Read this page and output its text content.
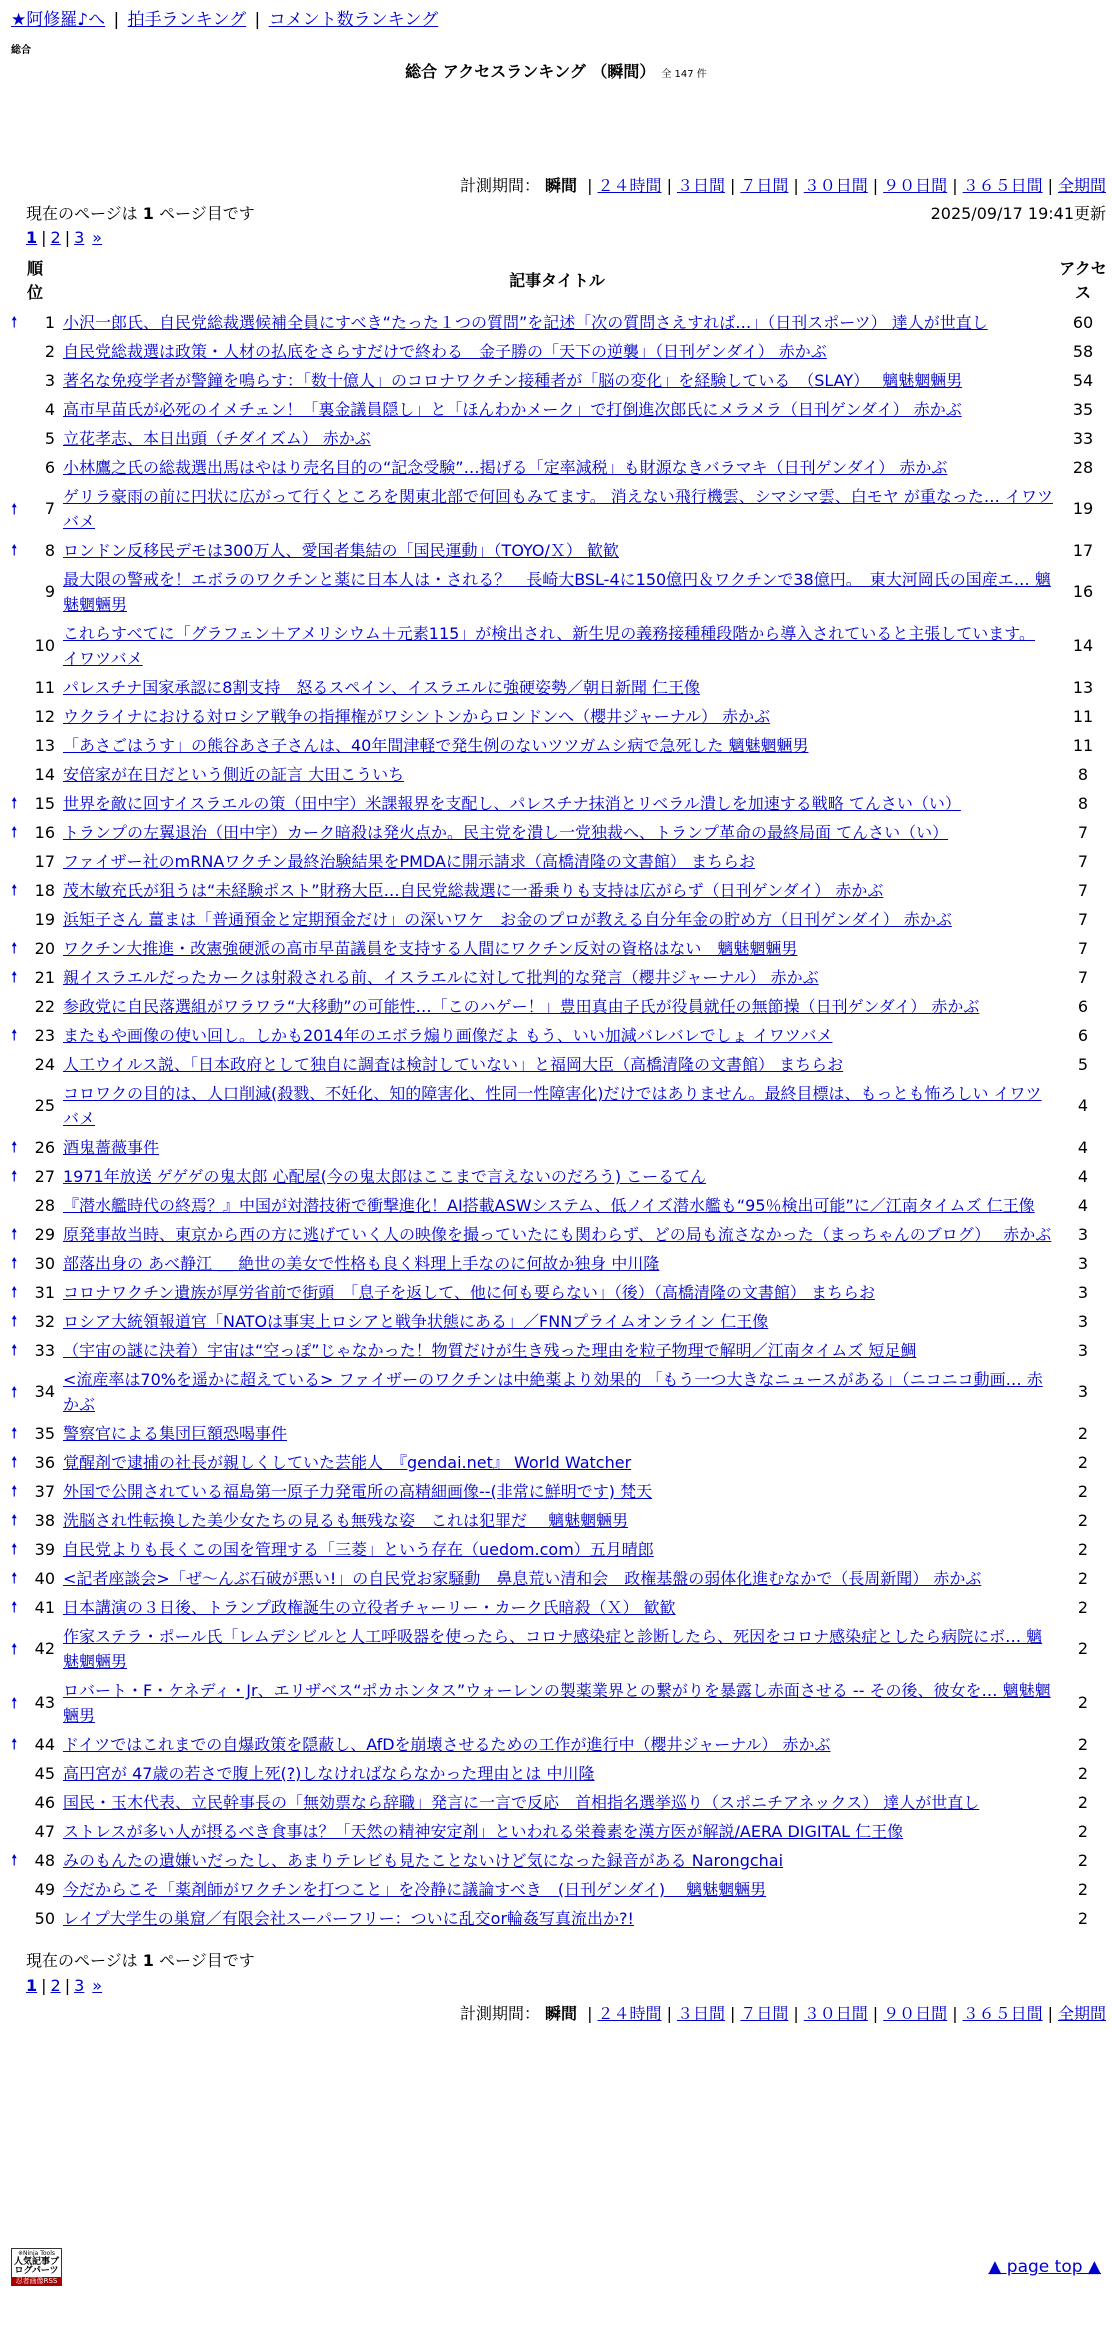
★阿修羅♪へ | 拍手ランキング | コメント数ランキング
総合
総合 アクセスランキング （瞬間） 全 147 件
計測期間： 瞬間 | ２４時間 | ３日間 | ７日間 | ３０日間 | ９０日間 | ３６５日間 | 全期間
現在のページは 1 ページ目です	2025/09/17 19:41更新
1 | 2 | 3 »
順
位		記事タイトル	アクセ
ス
🠕	1	小沢一郎氏、自民党総裁選候補全員にすべき“たった１つの質問”を記述「次の質問さえすれば…」（日刊スポーツ） 達人が世直し	60
	2	自民党総裁選は政策・人材の払底をさらすだけで終わる　金子勝の「天下の逆襲」（日刊ゲンダイ） 赤かぶ	58
	3	著名な免疫学者が警鐘を鳴らす：「数十億人」のコロナワクチン接種者が「脳の変化」を経験している　（SLAY）　 魑魅魍魎男	54
	4	高市早苗氏が必死のイメチェン！「裏金議員隠し」と「ほんわかメーク」で打倒進次郎氏にメラメラ（日刊ゲンダイ） 赤かぶ	35
	5	立花孝志、本日出頭（チダイズム） 赤かぶ	33
	6	小林鷹之氏の総裁選出馬はやはり売名目的の“記念受験”…掲げる「定率減税」も財源なきバラマキ（日刊ゲンダイ） 赤かぶ	28
🠕	7	ゲリラ豪雨の前に円状に広がって行くところを関東北部で何回もみてます。 消えない飛行機雲、シマシマ雲、白モヤ が重なった… イワツバメ	19
🠕	8	ロンドン反移民デモは300万人、愛国者集結の「国民運動」（TOYO/Ｘ） 歓歓	17
	9	最大限の警戒を！エボラのワクチンと薬に日本人は・される？　長崎大BSL-4に150億円＆ワクチンで38億円。　東大河岡氏の国産エ… 魑魅魍魎男	16
	10	これらすべてに「グラフェン＋アメリシウム＋元素115」が検出され、新生児の義務接種種段階から導入されていると主張しています。 イワツバメ	14
	11	パレスチナ国家承認に8割支持　怒るスペイン、イスラエルに強硬姿勢／朝日新聞 仁王像	13
	12	ウクライナにおける対ロシア戦争の指揮権がワシントンからロンドンへ（櫻井ジャーナル） 赤かぶ	11
	13	「あさごはうす」の熊谷あさ子さんは、40年間津軽で発生例のないツツガムシ病で急死した 魑魅魍魎男	11
	14	安倍家が在日だという側近の証言 大田こういち	8
🠕	15	世界を敵に回すイスラエルの策（田中宇）米課報界を支配し、パレスチナ抹消とリベラル潰しを加速する戦略 てんさい（い）	8
🠕	16	トランプの左翼退治（田中宇）カーク暗殺は発火点か。民主党を潰し一党独裁へ、トランプ革命の最終局面 てんさい（い）	7
	17	ファイザー社のmRNAワクチン最終治験結果をPMDAに開示請求（高橋清隆の文書館） まちらお	7
🠕	18	茂木敏充氏が狙うは“未経験ポスト”財務大臣…自民党総裁選に一番乗りも支持は広がらず（日刊ゲンダイ） 赤かぶ	7
	19	浜矩子さん 薑まは「普通預金と定期預金だけ」の深いワケ　お金のプロが教える自分年金の貯め方（日刊ゲンダイ） 赤かぶ	7
🠕	20	ワクチン大推進・改憲強硬派の高市早苗議員を支持する人間にワクチン反対の資格はない　魑魅魍魎男	7
🠕	21	親イスラエルだったカークは射殺される前、イスラエルに対して批判的な発言（櫻井ジャーナル） 赤かぶ	7
	22	参政党に自民落選組がワラワラ“大移動”の可能性…「このハゲー！」豊田真由子氏が役員就任の無節操（日刊ゲンダイ） 赤かぶ	6
🠕	23	またもや画像の使い回し。しかも2014年のエボラ煽り画像だよ もう、いい加減バレバレでしょ イワツバメ	6
	24	人工ウイルス説、「日本政府として独自に調査は検討していない」と福岡大臣（高橋清隆の文書館） まちらお	5
	25	コロワクの目的は、人口削減(殺戮、不妊化、知的障害化、性同一性障害化)だけではありません。最終目標は、もっとも怖ろしい イワツバメ	4
🠕	26	酒鬼薔薇事件	4
🠕	27	1971年放送 ゲゲゲの鬼太郎 心配屋(今の鬼太郎はここまで言えないのだろう) こーるてん	4
	28	『潜水艦時代の終焉？』中国が対潜技術で衝撃進化！AI搭載ASWシステム、低ノイズ潜水艦も“95％検出可能”に／江南タイムズ 仁王像	4
🠕	29	原発事故当時、東京から西の方に逃げていく人の映像を撮っていたにも関わらず、どの局も流さなかった（まっちゃんのブログ）　 赤かぶ	3
🠕	30	部落出身の あべ静江 ＿ 絶世の美女で性格も良く料理上手なのに何故か独身 中川隆	3
🠕	31	コロナワクチン遺族が厚労省前で街頭　「息子を返して、他に何も要らない」（後）（高橋清隆の文書館） まちらお	3
🠕	32	ロシア大統領報道官「NATOは事実上ロシアと戦争状態にある」／FNNプライムオンライン 仁王像	3
🠕	33	（宇宙の謎に決着）宇宙は“空っぽ”じゃなかった！物質だけが生き残った理由を粒子物理で解明／江南タイムズ 短足鯛	3
🠕	34	<流産率は70%を遥かに超えている> ファイザーのワクチンは中絶薬より効果的 「もう一つ大きなニュースがある」（ニコニコ動画… 赤かぶ	3
🠕	35	警察官による集団巨額恐喝事件	2
🠕	36	覚醒剤で逮捕の社長が親しくしていた芸能人　『gendai.net』 World Watcher	2
🠕	37	外国で公開されている福島第一原子力発電所の高精細画像--(非常に鮮明です) 梵天	2
🠕	38	洗脳され性転換した美少女たちの見るも無残な姿　これは犯罪だ　 魑魅魍魎男	2
🠕	39	自民党よりも長くこの国を管理する「三菱」という存在（uedom.com）五月晴郎	2
🠕	40	<記者座談会>「ぜ～んぶ石破が悪い!」の自民党お家騒動　鼻息荒い清和会　政権基盤の弱体化進むなかで（長周新聞） 赤かぶ	2
🠕	41	日本講演の３日後、トランプ政権誕生の立役者チャーリー・カーク氏暗殺（Ｘ） 歓歓	2
🠕	42	作家ステラ・ポール氏「レムデシビルと人工呼吸器を使ったら、コロナ感染症と診断したら、死因をコロナ感染症としたら病院にボ… 魑魅魍魎男	2
🠕	43	ロバート・F・ケネディ・Jr、エリザベス“ポカホンタス”ウォーレンの製薬業界との繋がりを暴露し赤面させる -- その後、彼女を… 魑魅魍魎男	2
🠕	44	ドイツではこれまでの自爆政策を隠蔽し、AfDを崩壊させるための工作が進行中（櫻井ジャーナル） 赤かぶ	2
	45	高円宮が 47歳の若さで腹上死(?)しなければならなかった理由とは 中川隆	2
	46	国民・玉木代表、立民幹事長の「無効票なら辞職」発言に一言で反応　首相指名選挙巡り（スポニチアネックス） 達人が世直し	2
	47	ストレスが多い人が摂るべき食事は？「天然の精神安定剤」といわれる栄養素を漢方医が解説/AERA DIGITAL 仁王像	2
🠕	48	みのもんたの遺嫌いだったし、あまりテレビも見たことないけど気になった録音がある Narongchai	2
	49	今だからこそ「薬剤師がワクチンを打つこと」を冷静に議論すべき　(日刊ゲンダイ)　 魑魅魍魎男	2
	50	レイプ大学生の巣窟／有限会社スーパーフリー：ついに乱交or輪姦写真流出か?!	2
現在のページは 1 ページ目です
1 | 2 | 3 »
計測期間： 瞬間 | ２４時間 | ３日間 | ７日間 | ３０日間 | ９０日間 | ３６５日間 | 全期間
※Ninja Tools
人気記事ブログパーツ
忍者画像RSS
▲ page top ▲
